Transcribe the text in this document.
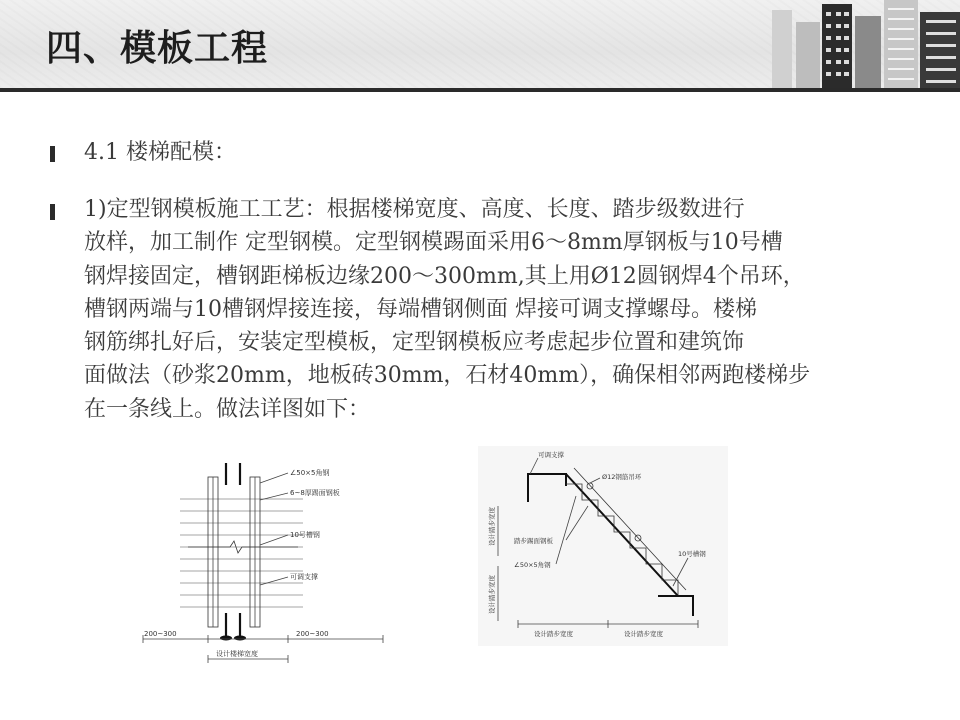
四、模板工程
4.1 楼梯配模：
1)定型钢模板施工工艺：根据楼梯宽度、高度、长度、踏步级数进行
放样，加工制作 定型钢模。定型钢模踢面采用6～8mm厚钢板与10号槽
钢焊接固定，槽钢距梯板边缘200～300mm,其上用Ø12圆钢焊4个吊环，
槽钢两端与10槽钢焊接连接，每端槽钢侧面 焊接可调支撑螺母。楼梯
钢筋绑扎好后，安装定型模板，定型钢模板应考虑起步位置和建筑饰
面做法（砂浆20mm，地板砖30mm，石材40mm），确保相邻两跑楼梯步
在一条线上。做法详图如下：
∠50×5角钢
6~8厚踢面钢板
10号槽钢
可调支撑
200~300	200~300
设计楼梯宽度
可调支撑
Ø12钢筋吊环
踏步踢面钢板
∠50×5角钢
10号槽钢
设计踏步宽度
设计踏步宽度
设计踏步宽度	设计踏步宽度
